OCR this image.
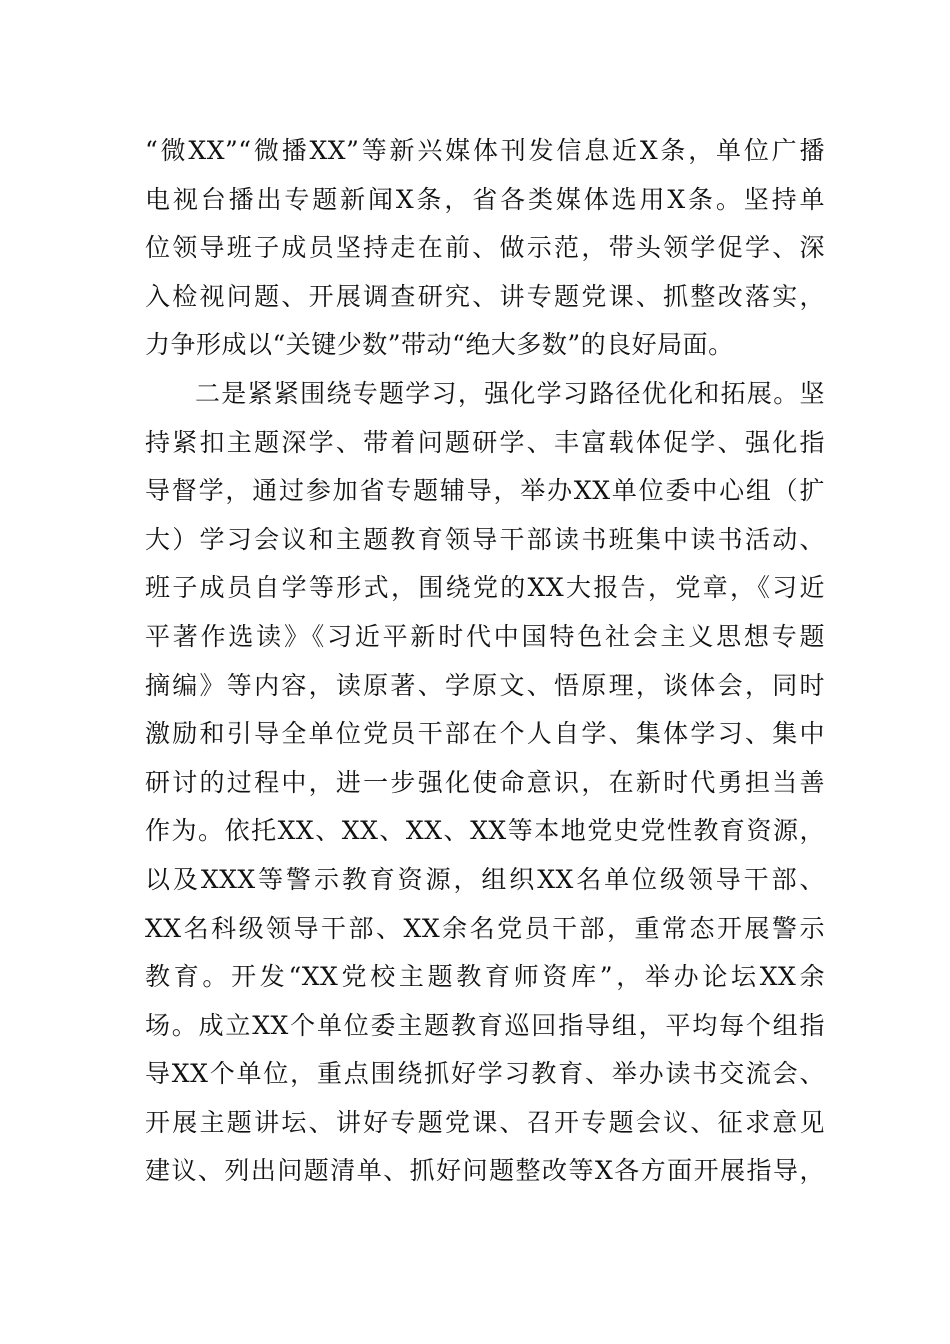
“微XX”“微播XX”等新兴媒体刊发信息近X条，单位广播
电视台播出专题新闻X条，省各类媒体选用X条。坚持单
位领导班子成员坚持走在前、做示范，带头领学促学、深
入检视问题、开展调查研究、讲专题党课、抓整改落实，
力争形成以“关键少数”带动“绝大多数”的良好局面。
二是紧紧围绕专题学习，强化学习路径优化和拓展。坚
持紧扣主题深学、带着问题研学、丰富载体促学、强化指
导督学，通过参加省专题辅导，举办XX单位委中心组（扩
大）学习会议和主题教育领导干部读书班集中读书活动、
班子成员自学等形式，围绕党的XX大报告，党章，《习近
平著作选读》《习近平新时代中国特色社会主义思想专题
摘编》等内容，读原著、学原文、悟原理，谈体会，同时
激励和引导全单位党员干部在个人自学、集体学习、集中
研讨的过程中，进一步强化使命意识，在新时代勇担当善
作为。依托XX、XX、XX、XX等本地党史党性教育资源，
以及XXX等警示教育资源，组织XX名单位级领导干部、
XX名科级领导干部、XX余名党员干部，重常态开展警示
教育。开发“XX党校主题教育师资库”，举办论坛XX余
场。成立XX个单位委主题教育巡回指导组，平均每个组指
导XX个单位，重点围绕抓好学习教育、举办读书交流会、
开展主题讲坛、讲好专题党课、召开专题会议、征求意见
建议、列出问题清单、抓好问题整改等X各方面开展指导，
